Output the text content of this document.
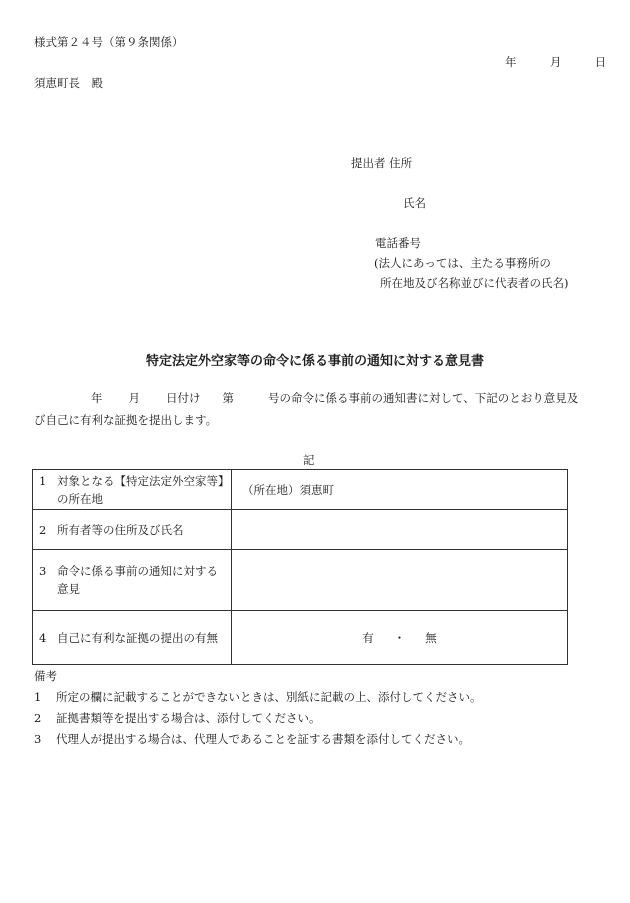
様式第２４号（第９条関係）
年	月	日
須恵町長　殿
提出者 住所
氏名
電話番号
(法人にあっては、主たる事務所の
所在地及び名称並びに代表者の氏名)
特定法定外空家等の命令に係る事前の通知に対する意見書
年 月 日付け 第	号の命令に係る事前の通知書に対して、下記のとおり意見及
び自己に有利な証拠を提出します。
記
1 対象となる【特定法定外空家等】の所在地	（所在地）須恵町

2 所有者等の住所及び氏名	

3 命令に係る事前の通知に対する意見	

4 自己に有利な証拠の提出の有無	有 ・ 無
備考
1 所定の欄に記載することができないときは、別紙に記載の上、添付してください。
2 証拠書類等を提出する場合は、添付してください。
3 代理人が提出する場合は、代理人であることを証する書類を添付してください。
